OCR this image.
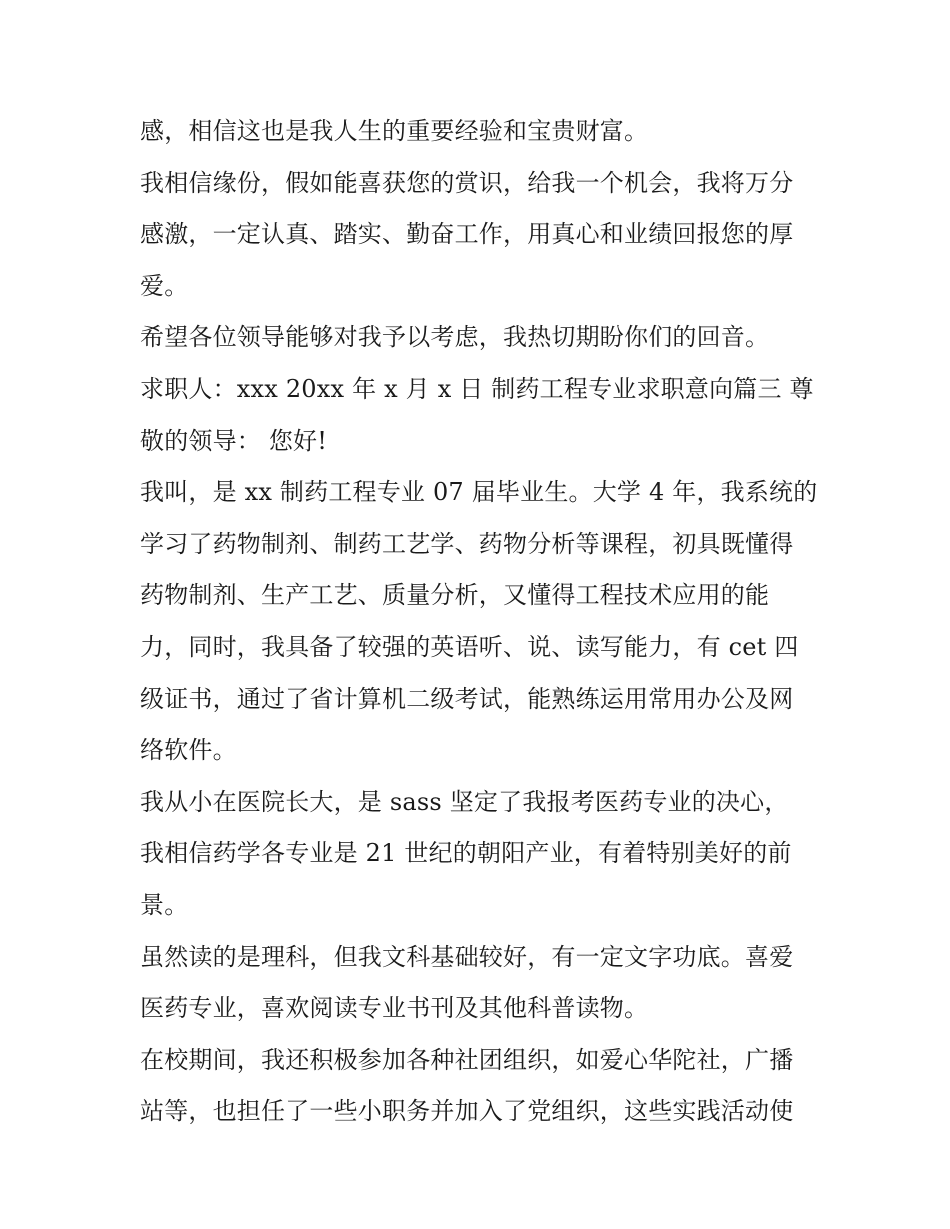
感，相信这也是我人生的重要经验和宝贵财富。
我相信缘份，假如能喜获您的赏识，给我一个机会，我将万分
感激，一定认真、踏实、勤奋工作，用真心和业绩回报您的厚
爱。
希望各位领导能够对我予以考虑，我热切期盼你们的回音。
求职人：xxx 20xx 年 x 月 x 日 制药工程专业求职意向篇三 尊
敬的领导： 您好!
我叫，是 xx 制药工程专业 07 届毕业生。大学 4 年，我系统的
学习了药物制剂、制药工艺学、药物分析等课程，初具既懂得
药物制剂、生产工艺、质量分析，又懂得工程技术应用的能
力，同时，我具备了较强的英语听、说、读写能力，有 cet 四
级证书，通过了省计算机二级考试，能熟练运用常用办公及网
络软件。
我从小在医院长大，是 sass 坚定了我报考医药专业的决心，
我相信药学各专业是 21 世纪的朝阳产业，有着特别美好的前
景。
虽然读的是理科，但我文科基础较好，有一定文字功底。喜爱
医药专业，喜欢阅读专业书刊及其他科普读物。
在校期间，我还积极参加各种社团组织，如爱心华陀社，广播
站等，也担任了一些小职务并加入了党组织，这些实践活动使
